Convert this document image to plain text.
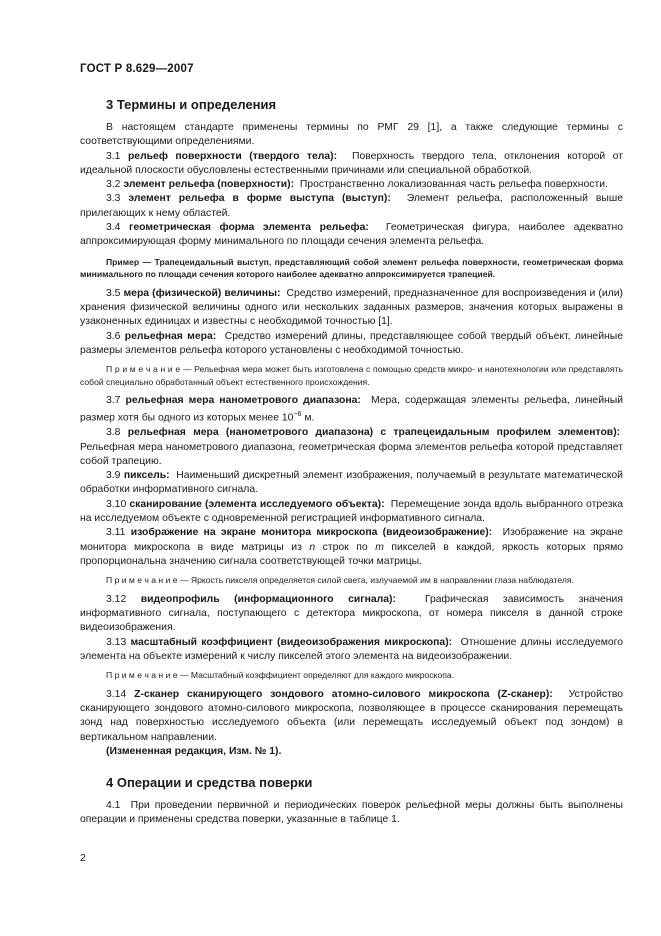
ГОСТ Р 8.629—2007
3 Термины и определения

В настоящем стандарте применены термины по РМГ 29 [1], а также следующие термины с соответствующими определениями.

3.1 рельеф поверхности (твердого тела): Поверхность твердого тела, отклонения которой от идеальной плоскости обусловлены естественными причинами или специальной обработкой.

3.2 элемент рельефа (поверхности): Пространственно локализованная часть рельефа поверхности.

3.3 элемент рельефа в форме выступа (выступ): Элемент рельефа, расположенный выше прилегающих к нему областей.

3.4 геометрическая форма элемента рельефа: Геометрическая фигура, наиболее адекватно аппроксимирующая форму минимального по площади сечения элемента рельефа.

Пример — Трапецеидальный выступ, представляющий собой элемент рельефа поверхности, геометрическая форма минимального по площади сечения которого наиболее адекватно аппроксимируется трапецией.

3.5 мера (физической) величины: Средство измерений, предназначенное для воспроизведения и (или) хранения физической величины одного или нескольких заданных размеров, значения которых выражены в узаконенных единицах и известны с необходимой точностью [1].

3.6 рельефная мера: Средство измерений длины, представляющее собой твердый объект, линейные размеры элементов рельефа которого установлены с необходимой точностью.

П р и м е ч а н и е — Рельефная мера может быть изготовлена с помощью средств микро- и нанотехнологии или представлять собой специально обработанный объект естественного происхождения.

3.7 рельефная мера нанометрового диапазона: Мера, содержащая элементы рельефа, линейный размер хотя бы одного из которых менее $10^{-6}$ м.

3.8 рельефная мера (нанометрового диапазона) с трапецеидальным профилем элементов):  Рельефная мера нанометрового диапазона, геометрическая форма элементов рельефа которой представляет собой трапецию.

3.9 пиксель: Наименьший дискретный элемент изображения, получаемый в результате математической обработки информативного сигнала.

3.10 сканирование (элемента исследуемого объекта): Перемещение зонда вдоль выбранного отрезка на исследуемом объекте с одновременной регистрацией информативного сигнала.

3.11 изображение на экране монитора микроскопа (видеоизображение): Изображение на экране монитора микроскопа в виде матрицы из n строк по m пикселей в каждой, яркость которых прямо пропорциональна значению сигнала соответствующей точки матрицы.

П р и м е ч а н и е — Яркость пикселя определяется силой света, излучаемой им в направлении глаза наблюдателя.

3.12 видеопрофиль (информационного сигнала):	Графическая зависимость значения информативного сигнала, поступающего с детектора микроскопа, от номера пикселя в данной строке видеоизображения.

3.13 масштабный коэффициент (видеоизображения микроскопа): Отношение длины исследуемого элемента на объекте измерений к числу пикселей этого элемента на видеоизображении.

П р и м е ч а н и е — Масштабный коэффициент определяют для каждого микроскопа.

3.14 Z-сканер сканирующего зондового атомно-силового микроскопа (Z-сканер): Устройство сканирующего зондового атомно-силового микроскопа, позволяющее в процессе сканирования перемещать зонд над поверхностью исследуемого объекта (или перемещать исследуемый объект под зондом) в вертикальном направлении.

(Измененная редакция, Изм. № 1).

4 Операции и средства поверки

4.1 При проведении первичной и периодических поверок рельефной меры должны быть выполнены операции и применены средства поверки, указанные в таблице 1.

2
